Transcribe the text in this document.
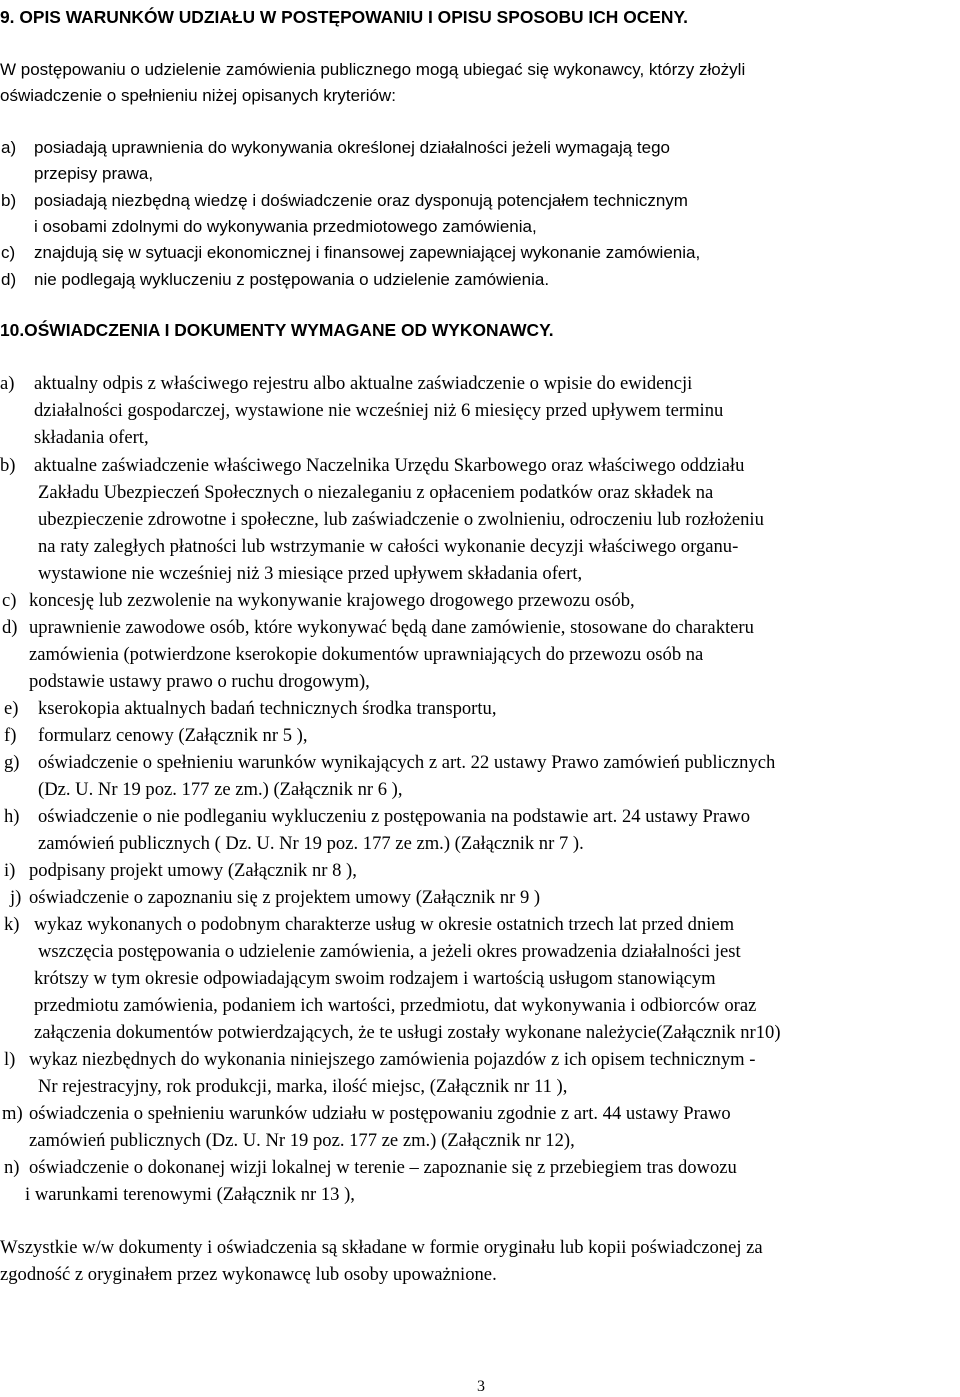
9. OPIS WARUNKÓW UDZIAŁU W POSTĘPOWANIU I OPISU SPOSOBU ICH OCENY.
W postępowaniu o udzielenie zamówienia publicznego mogą ubiegać się wykonawcy, którzy złożyli
oświadczenie o spełnieniu niżej opisanych kryteriów:
a) posiadają uprawnienia do wykonywania określonej działalności jeżeli wymagają tego
przepisy prawa,
b) posiadają niezbędną wiedzę i doświadczenie oraz dysponują potencjałem technicznym
i osobami zdolnymi do wykonywania przedmiotowego zamówienia,
c) znajdują się w sytuacji ekonomicznej i finansowej zapewniającej wykonanie zamówienia,
d) nie podlegają wykluczeniu z postępowania o udzielenie zamówienia.
10.OŚWIADCZENIA I DOKUMENTY WYMAGANE OD WYKONAWCY.
a) aktualny odpis z właściwego rejestru albo aktualne zaświadczenie o wpisie do ewidencji
działalności gospodarczej, wystawione nie wcześniej niż 6 miesięcy przed upływem terminu
składania ofert,
b) aktualne zaświadczenie właściwego Naczelnika Urzędu Skarbowego oraz właściwego oddziału
Zakładu Ubezpieczeń Społecznych o niezaleganiu z opłaceniem podatków oraz składek na
ubezpieczenie zdrowotne i społeczne, lub zaświadczenie o zwolnieniu, odroczeniu lub rozłożeniu
na raty zaległych płatności lub wstrzymanie w całości wykonanie decyzji właściwego organu-
wystawione nie wcześniej niż 3 miesiące przed upływem składania ofert,
c) koncesję lub zezwolenie na wykonywanie krajowego drogowego przewozu osób,
d) uprawnienie zawodowe osób, które wykonywać będą dane zamówienie, stosowane do charakteru
zamówienia (potwierdzone kserokopie dokumentów uprawniających do przewozu osób na
podstawie ustawy prawo o ruchu drogowym),
e) kserokopia aktualnych badań technicznych środka transportu,
f) formularz cenowy (Załącznik nr 5 ),
g) oświadczenie o spełnieniu warunków wynikających z art. 22 ustawy Prawo zamówień publicznych
(Dz. U. Nr 19 poz. 177 ze zm.) (Załącznik nr 6 ),
h) oświadczenie o nie podleganiu wykluczeniu z postępowania na podstawie art. 24 ustawy Prawo
zamówień publicznych ( Dz. U. Nr 19 poz. 177 ze zm.) (Załącznik nr 7 ).
i) podpisany projekt umowy (Załącznik nr 8 ),
j) oświadczenie o zapoznaniu się z projektem umowy (Załącznik nr 9 )
k) wykaz wykonanych o podobnym charakterze usług w okresie ostatnich trzech lat przed dniem
wszczęcia postępowania o udzielenie zamówienia, a jeżeli okres prowadzenia działalności jest
krótszy w tym okresie odpowiadającym swoim rodzajem i wartością usługom stanowiącym
przedmiotu zamówienia, podaniem ich wartości, przedmiotu, dat wykonywania i odbiorców oraz
załączenia dokumentów potwierdzających, że te usługi zostały wykonane należycie(Załącznik nr10)
l) wykaz niezbędnych do wykonania niniejszego zamówienia pojazdów z ich opisem technicznym -
Nr rejestracyjny, rok produkcji, marka, ilość miejsc, (Załącznik nr 11 ),
m) oświadczenia o spełnieniu warunków udziału w postępowaniu zgodnie z art. 44 ustawy Prawo
zamówień publicznych (Dz. U. Nr 19 poz. 177 ze zm.) (Załącznik nr 12),
n) oświadczenie o dokonanej wizji lokalnej w terenie – zapoznanie się z przebiegiem tras dowozu
i warunkami terenowymi (Załącznik nr 13 ),
Wszystkie w/w dokumenty i oświadczenia są składane w formie oryginału lub kopii poświadczonej za
zgodność z oryginałem przez wykonawcę lub osoby upoważnione.
3
